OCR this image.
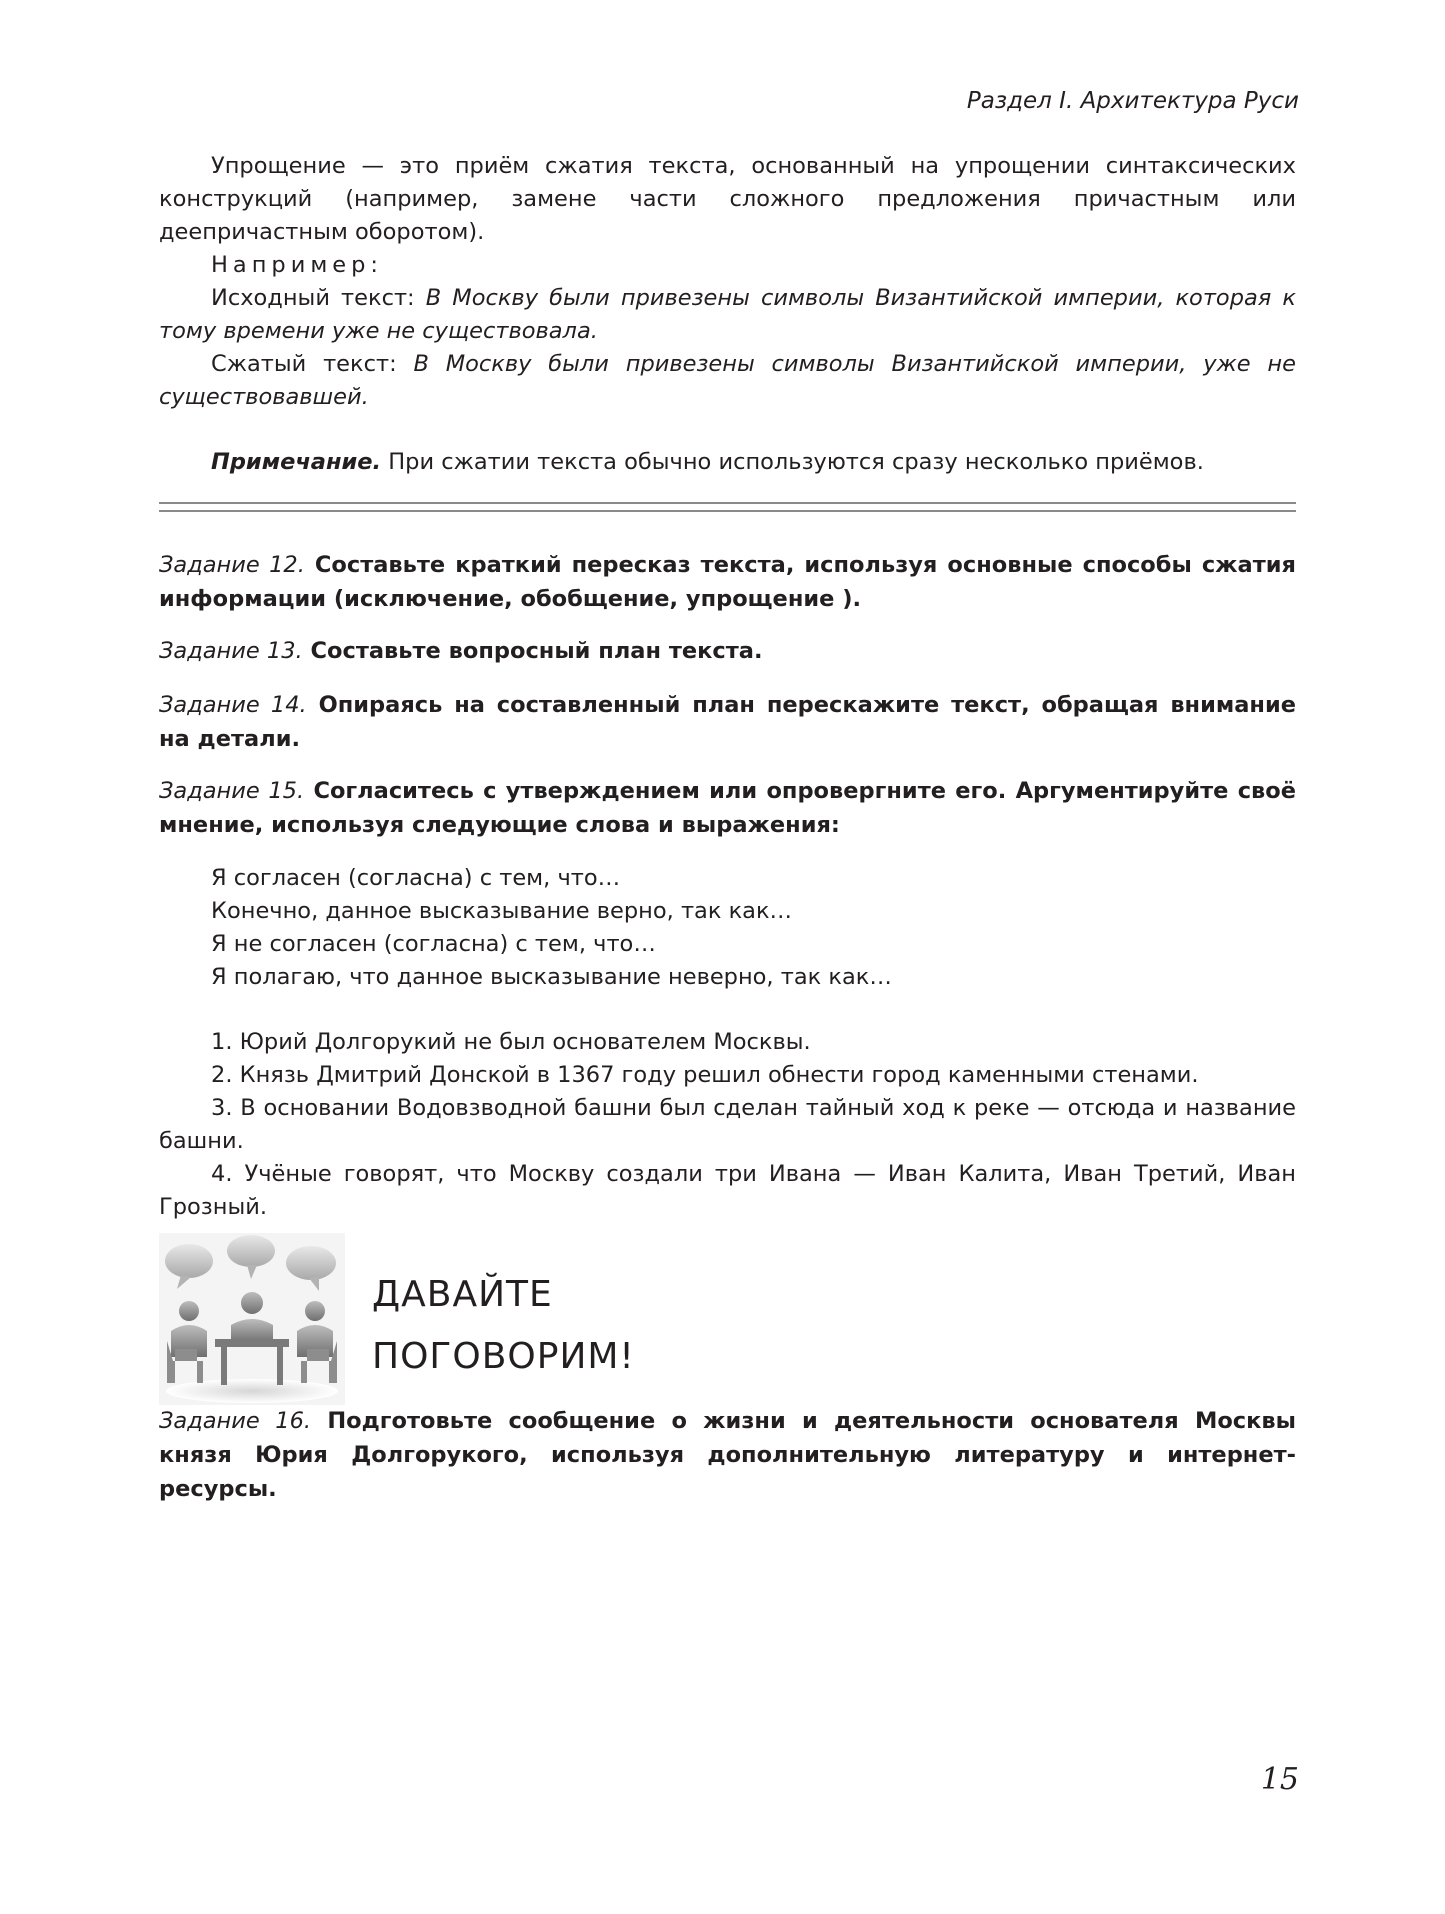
Раздел I. Архитектура Руси

Упрощение — это приём сжатия текста, основанный на упрощении синтаксических конструкций (например, замене части сложного предложения причастным или деепричастным оборотом).

Например:

Исходный текст: В Москву были привезены символы Византийской империи, которая к тому времени уже не существовала.

Сжатый текст: В Москву были привезены символы Византийской империи, уже не существовавшей.

Примечание. При сжатии текста обычно используются сразу несколько приёмов.

Задание 12. Составьте краткий пересказ текста, используя основные способы сжатия информации (исключение, обобщение, упрощение ).

Задание 13. Составьте вопросный план текста.

Задание 14. Опираясь на составленный план перескажите текст, обращая внимание на детали.

Задание 15. Согласитесь с утверждением или опровергните его. Аргументируйте своё мнение, используя следующие слова и выражения:

Я согласен (согласна) с тем, что…

Конечно, данное высказывание верно, так как…

Я не согласен (согласна) с тем, что…

Я полагаю, что данное высказывание неверно, так как…

1. Юрий Долгорукий не был основателем Москвы.

2. Князь Дмитрий Донской в 1367 году решил обнести город каменными стенами.

3. В основании Водовзводной башни был сделан тайный ход к реке — отсюда и название башни.

4. Учёные говорят, что Москву создали три Ивана — Иван Калита, Иван Третий, Иван Грозный.

ДАВАЙТЕ
ПОГОВОРИМ!

Задание 16. Подготовьте сообщение о жизни и деятельности основателя Москвы князя Юрия Долгорукого, используя дополнительную литературу и интернет-ресурсы.

15
